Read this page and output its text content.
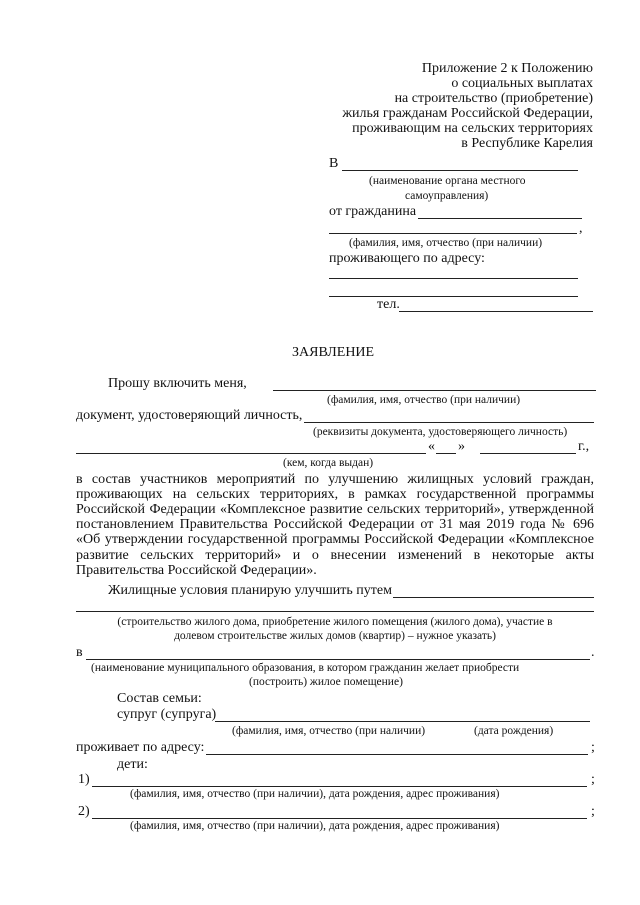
Приложение 2 к Положению
о социальных выплатах
на строительство (приобретение)
жилья гражданам Российской Федерации,
проживающим на сельских территориях
в Республике Карелия
В
(наименование органа местного
самоуправления)
от гражданина
,
(фамилия, имя, отчество (при наличии)
проживающего по адресу:
тел.
ЗАЯВЛЕНИЕ
Прошу включить меня,
(фамилия, имя, отчество (при наличии)
документ, удостоверяющий личность,
(реквизиты документа, удостоверяющего личность)
« »	г.,
(кем, когда выдан)
в состав участников мероприятий по улучшению жилищных условий граждан,
проживающих на сельских территориях, в рамках государственной программы
Российской Федерации «Комплексное развитие сельских территорий», утвержденной
постановлением Правительства Российской Федерации от 31 мая 2019 года № 696
«Об утверждении государственной программы Российской Федерации «Комплексное
развитие сельских территорий» и о внесении изменений в некоторые акты
Правительства Российской Федерации».
Жилищные условия планирую улучшить путем
(строительство жилого дома, приобретение жилого помещения (жилого дома), участие в
долевом строительстве жилых домов (квартир) – нужное указать)
в	.
(наименование муниципального образования, в котором гражданин желает приобрести
(построить) жилое помещение)
Состав семьи:
супруг (супруга)
(фамилия, имя, отчество (при наличии)	(дата рождения)
проживает по адресу:	;
дети:
1)	;
(фамилия, имя, отчество (при наличии), дата рождения, адрес проживания)
2)	;
(фамилия, имя, отчество (при наличии), дата рождения, адрес проживания)
